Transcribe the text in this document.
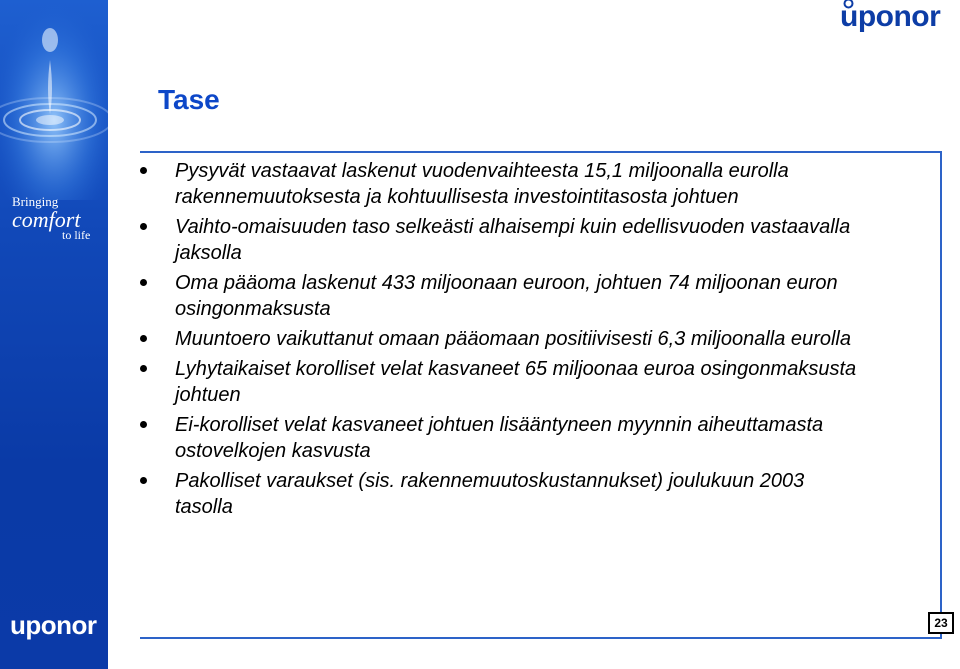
Bringing
comfort
to life
uponor
uponor
Tase
Pysyvät vastaavat laskenut vuodenvaihteesta 15,1 miljoonalla eurolla rakennemuutoksesta ja kohtuullisesta investointitasosta johtuen
Vaihto-omaisuuden taso selkeästi alhaisempi kuin edellisvuoden vastaavalla jaksolla
Oma pääoma laskenut 433 miljoonaan euroon, johtuen 74 miljoonan euron osingonmaksusta
Muuntoero vaikuttanut omaan pääomaan positiivisesti 6,3 miljoonalla eurolla
Lyhytaikaiset korolliset velat kasvaneet 65 miljoonaa euroa osingonmaksusta johtuen
Ei-korolliset velat kasvaneet johtuen lisääntyneen myynnin aiheuttamasta ostovelkojen kasvusta
Pakolliset varaukset (sis. rakennemuutoskustannukset) joulukuun 2003 tasolla
23
